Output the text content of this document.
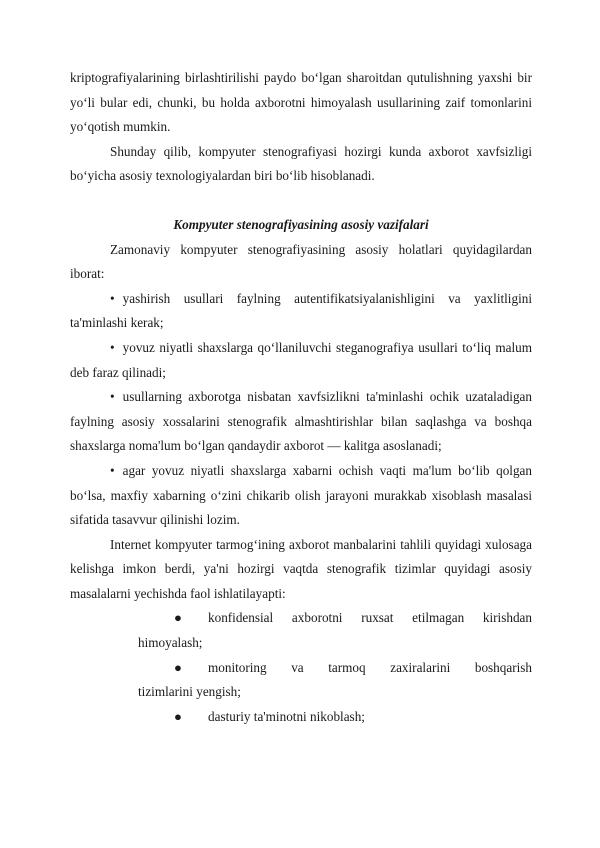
kriptografiyalarining birlashtirilishi paydo bo‘lgan sharoitdan qutulishning yaxshi bir yo‘li bular edi, chunki, bu holda axborotni himoyalash usullarining zaif tomonlarini yo‘qotish mumkin.

Shunday qilib, kompyuter stenografiyasi hozirgi kunda axborot xavfsizligi bo‘yicha asosiy texnologiyalardan biri bo‘lib hisoblanadi.

Kompyuter stenografiyasining asosiy vazifalari

Zamonaviy kompyuter stenografiyasining asosiy holatlari quyidagilardan iborat:

• yashirish usullari faylning autentifikatsiyalanishligini va yaxlitligini ta'minlashi kerak;

• yovuz niyatli shaxslarga qo‘llaniluvchi steganografiya usullari to‘liq malum deb faraz qilinadi;

• usullarning axborotga nisbatan xavfsizlikni ta'minlashi ochik uzataladigan faylning asosiy xossalarini stenografik almashtirishlar bilan saqlashga va boshqa shaxslarga noma'lum bo‘lgan qandaydir axborot — kalitga asoslanadi;

• agar yovuz niyatli shaxslarga xabarni ochish vaqti ma'lum bo‘lib qolgan bo‘lsa, maxfiy xabarning o‘zini chikarib olish jarayoni murakkab xisoblash masalasi sifatida tasavvur qilinishi lozim.

Internet kompyuter tarmog‘ining axborot manbalarini tahlili quyidagi xulosaga kelishga imkon berdi, ya'ni hozirgi vaqtda stenografik tizimlar quyidagi asosiy masalalarni yechishda faol ishlatilayapti:

●	konfidensial axborotni ruxsat etilmagan kirishdan
himoyalash;
●	monitoring va tarmoq zaxiralarini boshqarish
tizimlarini yengish;
●	dasturiy ta'minotni nikoblash;
